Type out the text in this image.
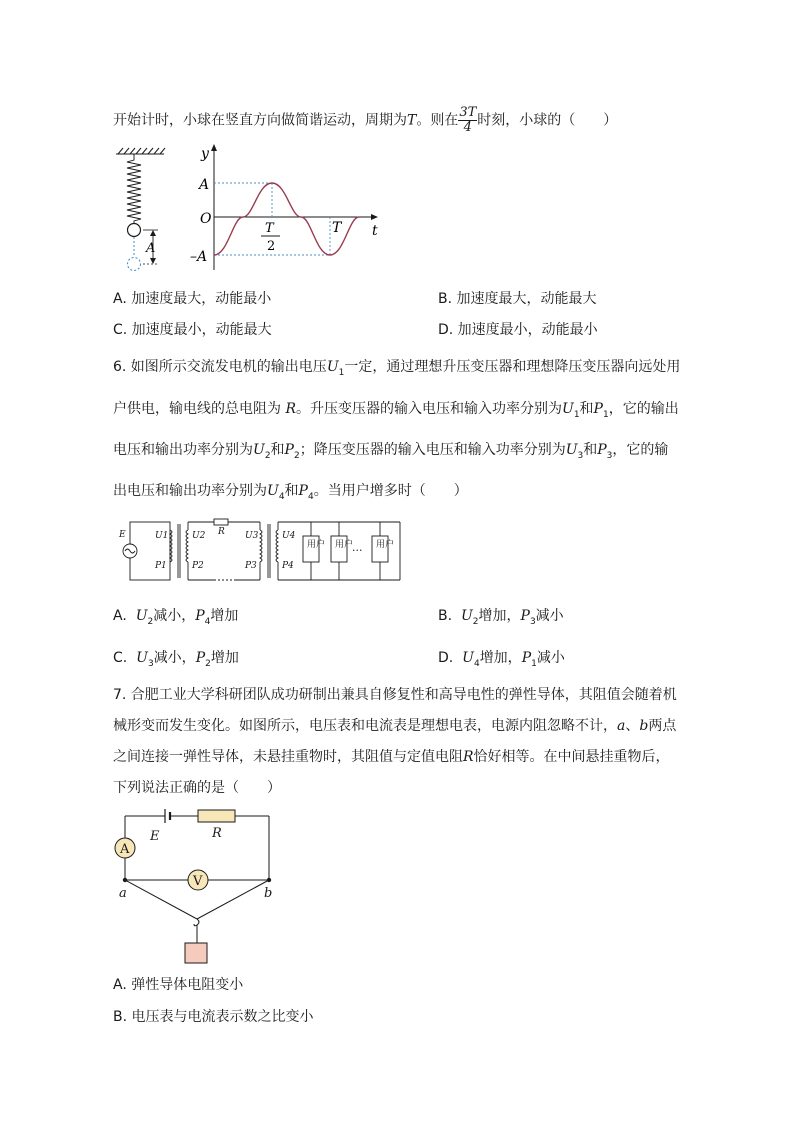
开始计时，小球在竖直方向做简谐运动，周期为T。则在 $\frac{3T}{4}$ 时刻，小球的（　　）
A
y
t
A
O
–A
T
2
T
A. 加速度最大，动能最小	B. 加速度最大，动能最大
C. 加速度最小，动能最大	D. 加速度最小，动能最小
6. 如图所示交流发电机的输出电压$U_1$一定，通过理想升压变压器和理想降压变压器向远处用
户供电，输电线的总电阻为 R。升压变压器的输入电压和输入功率分别为$U_1$和$P_1$，它的输出
电压和输出功率分别为$U_2$和$P_2$；降压变压器的输入电压和输入功率分别为$U_3$和$P_3$，它的输
出电压和输出功率分别为$U_4$和$P_4$。当用户增多时（　　）
E	U1
P1
U2
P2
R U3
P3
U4
P4
用户 用户	用户
···
A. $U_2$减小，$P_4$增加	B. $U_2$增加，$P_3$减小
C. $U_3$减小，$P_2$增加	D. $U_4$增加，$P_1$减小
7. 合肥工业大学科研团队成功研制出兼具自修复性和高导电性的弹性导体，其阻值会随着机
械形变而发生变化。如图所示，电压表和电流表是理想电表，电源内阻忽略不计，a、b两点
之间连接一弹性导体，未悬挂重物时，其阻值与定值电阻R恰好相等。在中间悬挂重物后，
下列说法正确的是（　　）
A
V
E	R
a	b
A. 弹性导体电阻变小
B. 电压表与电流表示数之比变小
